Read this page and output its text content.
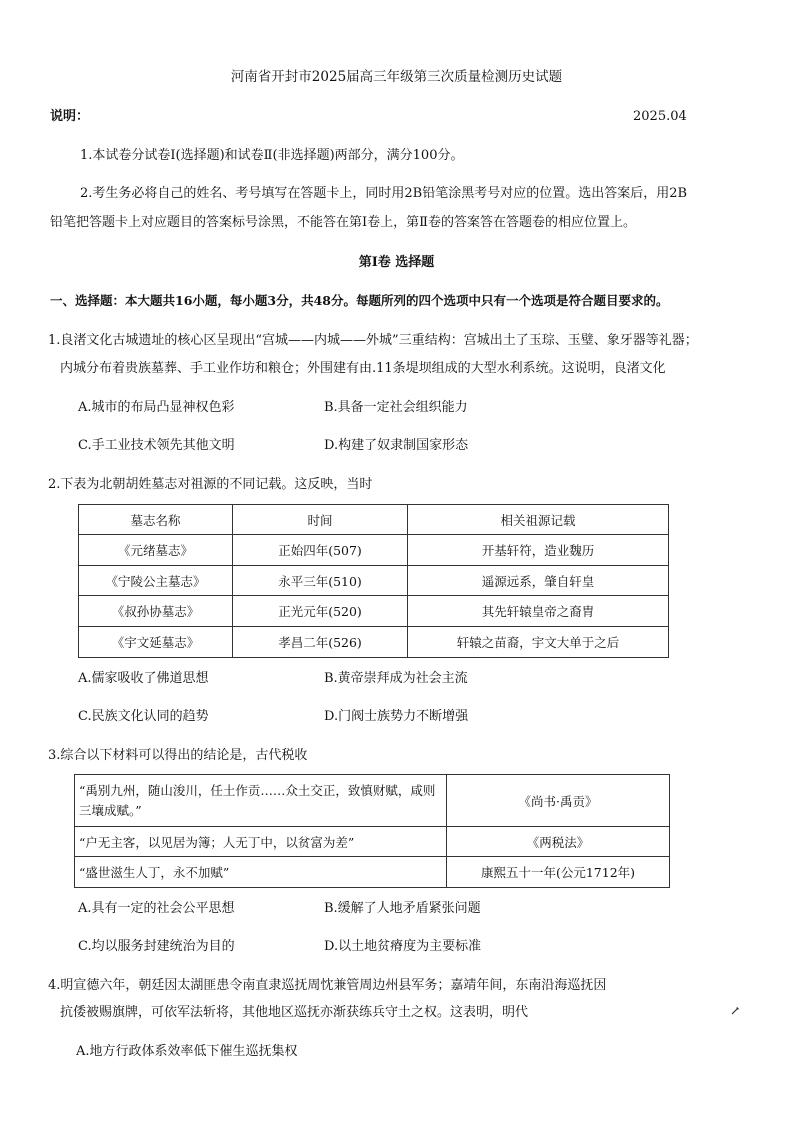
河南省开封市2025届高三年级第三次质量检测历史试题
说明：	2025.04
1.本试卷分试卷Ⅰ(选择题)和试卷Ⅱ(非选择题)两部分，满分100分。
2.考生务必将自己的姓名、考号填写在答题卡上，同时用2B铅笔涂黑考号对应的位置。选出答案后，用2B
铅笔把答题卡上对应题目的答案标号涂黑，不能答在第Ⅰ卷上，第Ⅱ卷的答案答在答题卷的相应位置上。
第Ⅰ卷 选择题
一、选择题：本大题共16小题，每小题3分，共48分。每题所列的四个选项中只有一个选项是符合题目要求的。
1.良渚文化古城遗址的核心区呈现出“宫城——内城——外城”三重结构：宫城出土了玉琮、玉璧、象牙器等礼器；
内城分布着贵族墓葬、手工业作坊和粮仓；外围建有由.11条堤坝组成的大型水利系统。这说明，良渚文化
A.城市的布局凸显神权色彩	B.具备一定社会组织能力
C.手工业技术领先其他文明	D.构建了奴隶制国家形态
2.下表为北朝胡姓墓志对祖源的不同记载。这反映，当时
墓志名称	时间	相关祖源记载
《元绪墓志》	正始四年(507)	开基轩符，造业魏历
《宁陵公主墓志》	永平三年(510)	遥源远系，肇自轩皇
《叔孙协墓志》	正光元年(520)	其先轩辕皇帝之裔胄
《宇文延墓志》	孝昌二年(526)	轩辕之苗裔，宇文大单于之后
A.儒家吸收了佛道思想	B.黄帝崇拜成为社会主流
C.民族文化认同的趋势	D.门阀士族势力不断增强
3.综合以下材料可以得出的结论是，古代税收
“禹别九州，随山浚川，任土作贡……众土交正，致慎财赋，咸则三壤成赋。”	《尚书·禹贡》
“户无主客，以见居为簿；人无丁中，以贫富为差”	《两税法》
“盛世滋生人丁，永不加赋”	康熙五十一年(公元1712年)
A.具有一定的社会公平思想	B.缓解了人地矛盾紧张问题
C.均以服务封建统治为目的	D.以土地贫瘠度为主要标准
4.明宣德六年，朝廷因太湖匪患令南直隶巡抚周忱兼管周边州县军务；嘉靖年间，东南沿海巡抚因
抗倭被赐旗牌，可依军法斩将，其他地区巡抚亦渐获练兵守土之权。这表明，明代
A.地方行政体系效率低下催生巡抚集权
